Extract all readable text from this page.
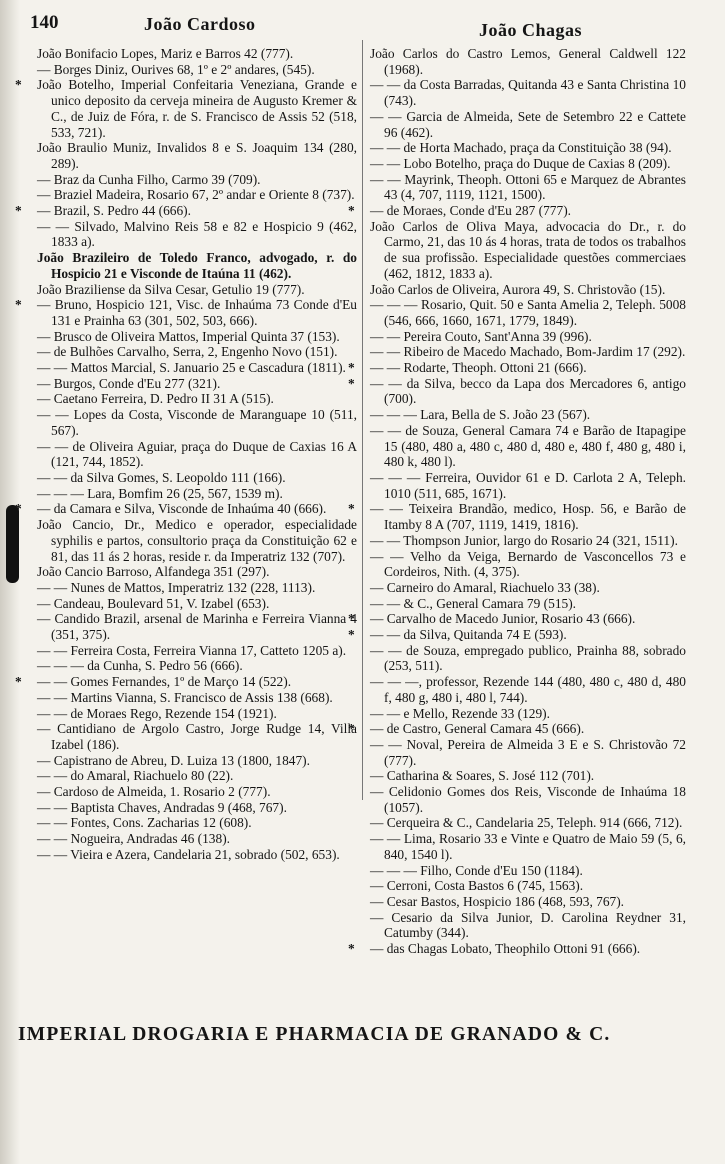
140	João Cardoso	João Chagas

João Bonifacio Lopes, Mariz e Barros 42 (777).

— Borges Diniz, Ourives 68, 1º e 2º andares, (545).

* João Botelho, Imperial Confeitaria Veneziana, Grande e unico deposito da cerveja mineira de Augusto Kremer & C., de Juiz de Fóra, r. de S. Francisco de Assis 52 (518, 533, 721).

João Braulio Muniz, Invalidos 8 e S. Joaquim 134 (280, 289).

— Braz da Cunha Filho, Carmo 39 (709).

— Braziel Madeira, Rosario 67, 2º andar e Oriente 8 (737).

* — Brazil, S. Pedro 44 (666).

— — Silvado, Malvino Reis 58 e 82 e Hospicio 9 (462, 1833 a).

João Brazileiro de Toledo Franco, advogado, r. do Hospicio 21 e Visconde de Itaúna 11 (462).

João Braziliense da Silva Cesar, Getulio 19 (777).

* — Bruno, Hospicio 121, Visc. de Inhaúma 73 Conde d'Eu 131 e Prainha 63 (301, 502, 503, 666).

— Brusco de Oliveira Mattos, Imperial Quinta 37 (153).

— de Bulhões Carvalho, Serra, 2, Engenho Novo (151).

— — Mattos Marcial, S. Januario 25 e Cascadura (1811).

— Burgos, Conde d'Eu 277 (321).

— Caetano Ferreira, D. Pedro II 31 A (515).

— — Lopes da Costa, Visconde de Maranguape 10 (511, 567).

— — de Oliveira Aguiar, praça do Duque de Caxias 16 A (121, 744, 1852).

— — da Silva Gomes, S. Leopoldo 111 (166).

— — — Lara, Bomfim 26 (25, 567, 1539 m).

* — da Camara e Silva, Visconde de Inhaúma 40 (666).

João Cancio, Dr., Medico e operador, especialidade syphilis e partos, consultorio praça da Constituição 62 e 81, das 11 ás 2 horas, reside r. da Imperatriz 132 (707).

João Cancio Barroso, Alfandega 351 (297).

— — Nunes de Mattos, Imperatriz 132 (228, 1113).

— Candeau, Boulevard 51, V. Izabel (653).

— Candido Brazil, arsenal de Marinha e Ferreira Vianna 4 (351, 375).

— — Ferreira Costa, Ferreira Vianna 17, Catteto 1205 a).

— — — da Cunha, S. Pedro 56 (666).

* — — Gomes Fernandes, 1º de Março 14 (522).

— — Martins Vianna, S. Francisco de Assis 138 (668).

— — de Moraes Rego, Rezende 154 (1921).

— Cantidiano de Argolo Castro, Jorge Rudge 14, Villa Izabel (186).

— Capistrano de Abreu, D. Luiza 13 (1800, 1847).

— — do Amaral, Riachuelo 80 (22).

— Cardoso de Almeida, 1. Rosario 2 (777).

— — Baptista Chaves, Andradas 9 (468, 767).

— — Fontes, Cons. Zacharias 12 (608).

— — Nogueira, Andradas 46 (138).

— — Vieira e Azera, Candelaria 21, sobrado (502, 653).

João Carlos do Castro Lemos, General Caldwell 122 (1968).

— — da Costa Barradas, Quitanda 43 e Santa Christina 10 (743).

— — Garcia de Almeida, Sete de Setembro 22 e Cattete 96 (462).

— — de Horta Machado, praça da Constituição 38 (94).

— — Lobo Botelho, praça do Duque de Caxias 8 (209).

— — Mayrink, Theoph. Ottoni 65 e Marquez de Abrantes 43 (4, 707, 1119, 1121, 1500).

* — de Moraes, Conde d'Eu 287 (777).

João Carlos de Oliva Maya, advocacia do Dr., r. do Carmo, 21, das 10 ás 4 horas, trata de todos os trabalhos de sua profissão. Especialidade questões commerciaes (462, 1812, 1833 a).

João Carlos de Oliveira, Aurora 49, S. Christovão (15).

— — — Rosario, Quit. 50 e Santa Amelia 2, Teleph. 5008 (546, 666, 1660, 1671, 1779, 1849).

— — Pereira Couto, Sant'Anna 39 (996).

— — Ribeiro de Macedo Machado, Bom-Jardim 17 (292).

* — — Rodarte, Theoph. Ottoni 21 (666).

* — — da Silva, becco da Lapa dos Mercadores 6, antigo (700).

— — — Lara, Bella de S. João 23 (567).

— — de Souza, General Camara 74 e Barão de Itapagipe 15 (480, 480 a, 480 c, 480 d, 480 e, 480 f, 480 g, 480 i, 480 k, 480 l).

— — — Ferreira, Ouvidor 61 e D. Carlota 2 A, Teleph. 1010 (511, 685, 1671).

* — — Teixeira Brandão, medico, Hosp. 56, e Barão de Itamby 8 A (707, 1119, 1419, 1816).

— — Thompson Junior, largo do Rosario 24 (321, 1511).

— — Velho da Veiga, Bernardo de Vasconcellos 73 e Cordeiros, Nith. (4, 375).

— Carneiro do Amaral, Riachuelo 33 (38).

— — & C., General Camara 79 (515).

* — Carvalho de Macedo Junior, Rosario 43 (666).

* — — da Silva, Quitanda 74 E (593).

— — de Souza, empregado publico, Prainha 88, sobrado (253, 511).

— — —, professor, Rezende 144 (480, 480 c, 480 d, 480 f, 480 g, 480 i, 480 l, 744).

— — e Mello, Rezende 33 (129).

* — de Castro, General Camara 45 (666).

— — Noval, Pereira de Almeida 3 E e S. Christovão 72 (777).

— Catharina & Soares, S. José 112 (701).

— Celidonio Gomes dos Reis, Visconde de Inhaúma 18 (1057).

— Cerqueira & C., Candelaria 25, Teleph. 914 (666, 712).

— — Lima, Rosario 33 e Vinte e Quatro de Maio 59 (5, 6, 840, 1540 l).

— — — Filho, Conde d'Eu 150 (1184).

— Cerroni, Costa Bastos 6 (745, 1563).

— Cesar Bastos, Hospicio 186 (468, 593, 767).

— Cesario da Silva Junior, D. Carolina Reydner 31, Catumby (344).

* — das Chagas Lobato, Theophilo Ottoni 91 (666).

IMPERIAL DROGARIA E PHARMACIA DE GRANADO & C.
